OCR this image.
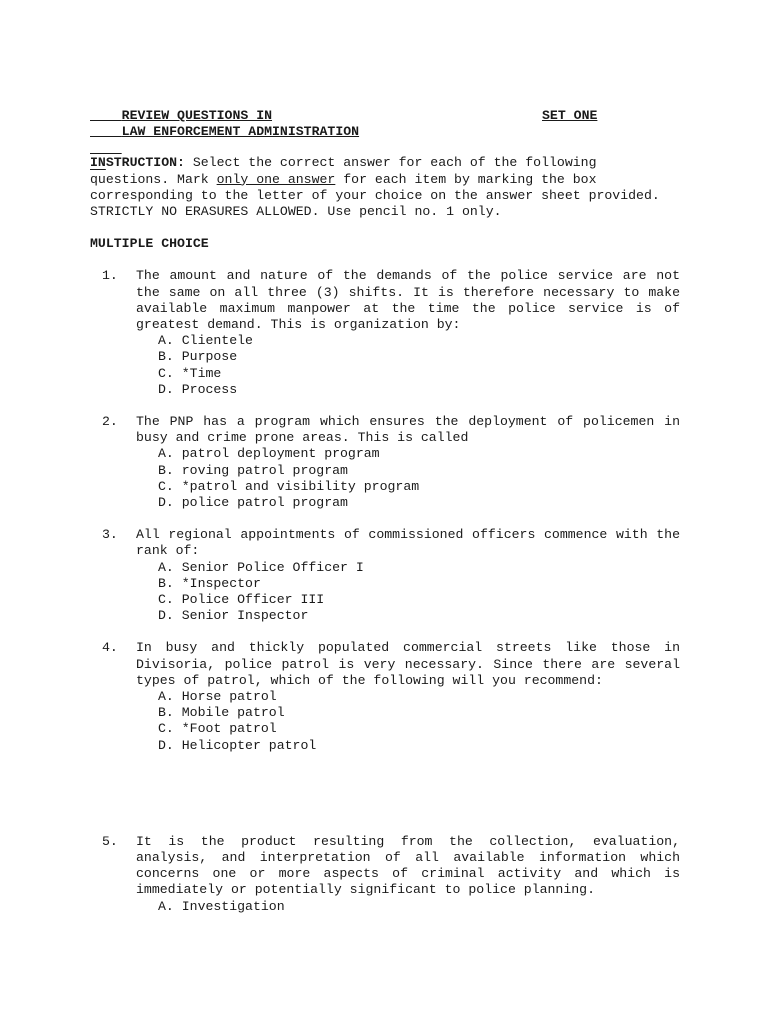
REVIEW QUESTIONS IN

LAW ENFORCEMENT ADMINISTRATION

SET ONE

INSTRUCTION: Select the correct answer for each of the following questions. Mark only one answer for each item by marking the box corresponding to the letter of your choice on the answer sheet provided. STRICTLY NO ERASURES ALLOWED. Use pencil no. 1 only.
MULTIPLE CHOICE
1. The amount and nature of the demands of the police service are not the same on all three (3) shifts. It is therefore necessary to make available maximum manpower at the time the police service is of greatest demand. This is organization by:
A. Clientele
B. Purpose
C. *Time
D. Process
2. The PNP has a program which ensures the deployment of policemen in busy and crime prone areas. This is called
A. patrol deployment program
B. roving patrol program
C. *patrol and visibility program
D. police patrol program
3. All regional appointments of commissioned officers commence with the rank of:
A. Senior Police Officer I
B. *Inspector
C. Police Officer III
D. Senior Inspector
4. In busy and thickly populated commercial streets like those in Divisoria, police patrol is very necessary. Since there are several types of patrol, which of the following will you recommend:
A. Horse patrol
B. Mobile patrol
C. *Foot patrol
D. Helicopter patrol
5. It is the product resulting from the collection, evaluation, analysis, and interpretation of all available information which concerns one or more aspects of criminal activity and which is immediately or potentially significant to police planning.
A. Investigation
